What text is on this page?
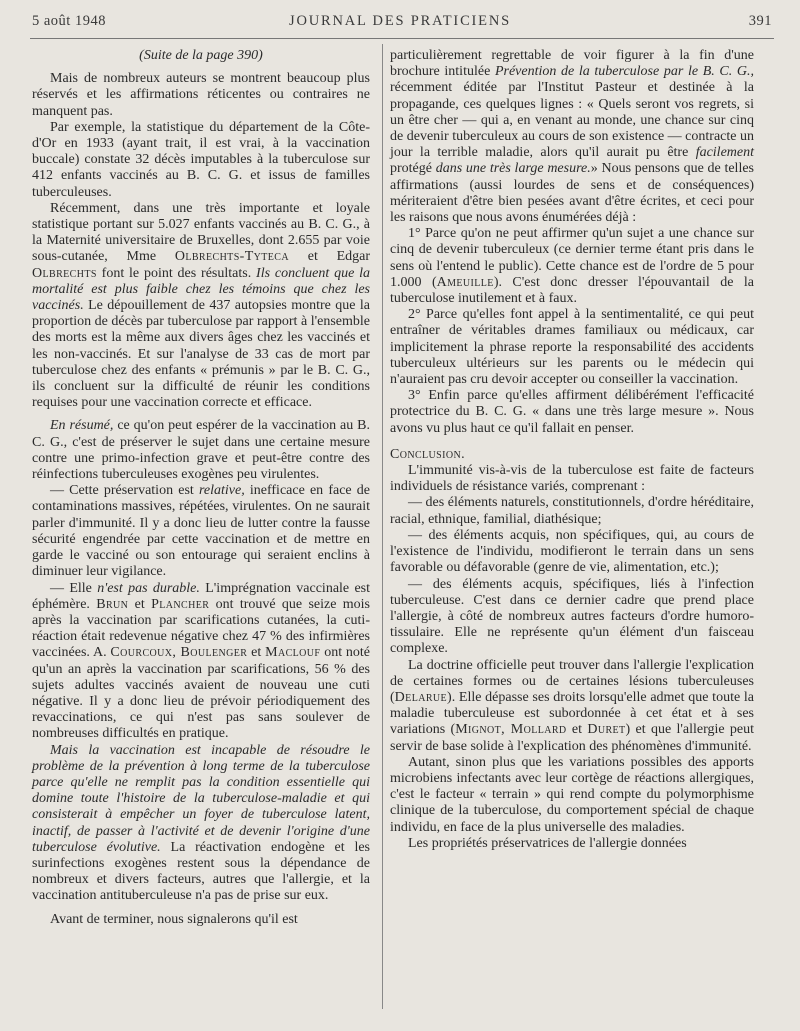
5 août 1948	JOURNAL DES PRATICIENS	391

(Suite de la page 390)

Mais de nombreux auteurs se montrent beaucoup plus réservés et les affirmations réticentes ou contraires ne manquent pas.

Par exemple, la statistique du département de la Côte-d'Or en 1933 (ayant trait, il est vrai, à la vaccination buccale) constate 32 décès imputables à la tuberculose sur 412 enfants vaccinés au B. C. G. et issus de familles tuberculeuses.

Récemment, dans une très importante et loyale statistique portant sur 5.027 enfants vaccinés au B. C. G., à la Maternité universitaire de Bruxelles, dont 2.655 par voie sous-cutanée, Mme Olbrechts-Tyteca et Edgar Olbrechts font le point des résultats. Ils concluent que la mortalité est plus faible chez les témoins que chez les vaccinés. Le dépouillement de 437 autopsies montre que la proportion de décès par tuberculose par rapport à l'ensemble des morts est la même aux divers âges chez les vaccinés et les non-vaccinés. Et sur l'analyse de 33 cas de mort par tuberculose chez des enfants « prémunis » par le B. C. G., ils concluent sur la difficulté de réunir les conditions requises pour une vaccination correcte et efficace.

En résumé, ce qu'on peut espérer de la vaccination au B. C. G., c'est de préserver le sujet dans une certaine mesure contre une primo-infection grave et peut-être contre des réinfections tuberculeuses exogènes peu virulentes.

— Cette préservation est relative, inefficace en face de contaminations massives, répétées, virulentes. On ne saurait parler d'immunité. Il y a donc lieu de lutter contre la fausse sécurité engendrée par cette vaccination et de mettre en garde le vacciné ou son entourage qui seraient enclins à diminuer leur vigilance.

— Elle n'est pas durable. L'imprégnation vaccinale est éphémère. Brun et Plancher ont trouvé que seize mois après la vaccination par scarifications cutanées, la cuti-réaction était redevenue négative chez 47 % des infirmières vaccinées. A. Courcoux, Boulenger et Maclouf ont noté qu'un an après la vaccination par scarifications, 56 % des sujets adultes vaccinés avaient de nouveau une cuti négative. Il y a donc lieu de prévoir périodiquement des revaccinations, ce qui n'est pas sans soulever de nombreuses difficultés en pratique.

Mais la vaccination est incapable de résoudre le problème de la prévention à long terme de la tuberculose parce qu'elle ne remplit pas la condition essentielle qui domine toute l'histoire de la tuberculose-maladie et qui consisterait à empêcher un foyer de tuberculose latent, inactif, de passer à l'activité et de devenir l'origine d'une tuberculose évolutive. La réactivation endogène et les surinfections exogènes restent sous la dépendance de nombreux et divers facteurs, autres que l'allergie, et la vaccination antituberculeuse n'a pas de prise sur eux.

Avant de terminer, nous signalerons qu'il est

particulièrement regrettable de voir figurer à la fin d'une brochure intitulée Prévention de la tuberculose par le B. C. G., récemment éditée par l'Institut Pasteur et destinée à la propagande, ces quelques lignes : « Quels seront vos regrets, si un être cher — qui a, en venant au monde, une chance sur cinq de devenir tuberculeux au cours de son existence — contracte un jour la terrible maladie, alors qu'il aurait pu être facilement protégé dans une très large mesure.» Nous pensons que de telles affirmations (aussi lourdes de sens et de conséquences) mériteraient d'être bien pesées avant d'être écrites, et ceci pour les raisons que nous avons énumérées déjà :

1° Parce qu'on ne peut affirmer qu'un sujet a une chance sur cinq de devenir tuberculeux (ce dernier terme étant pris dans le sens où l'entend le public). Cette chance est de l'ordre de 5 pour 1.000 (Ameuille). C'est donc dresser l'épouvantail de la tuberculose inutilement et à faux.

2° Parce qu'elles font appel à la sentimentalité, ce qui peut entraîner de véritables drames familiaux ou médicaux, car implicitement la phrase reporte la responsabilité des accidents tuberculeux ultérieurs sur les parents ou le médecin qui n'auraient pas cru devoir accepter ou conseiller la vaccination.

3° Enfin parce qu'elles affirment délibérément l'efficacité protectrice du B. C. G. « dans une très large mesure ». Nous avons vu plus haut ce qu'il fallait en penser.

Conclusion.

L'immunité vis-à-vis de la tuberculose est faite de facteurs individuels de résistance variés, comprenant :

— des éléments naturels, constitutionnels, d'ordre héréditaire, racial, ethnique, familial, diathésique;

— des éléments acquis, non spécifiques, qui, au cours de l'existence de l'individu, modifieront le terrain dans un sens favorable ou défavorable (genre de vie, alimentation, etc.);

— des éléments acquis, spécifiques, liés à l'infection tuberculeuse. C'est dans ce dernier cadre que prend place l'allergie, à côté de nombreux autres facteurs d'ordre humoro-tissulaire. Elle ne représente qu'un élément d'un faisceau complexe.

La doctrine officielle peut trouver dans l'allergie l'explication de certaines formes ou de certaines lésions tuberculeuses (Delarue). Elle dépasse ses droits lorsqu'elle admet que toute la maladie tuberculeuse est subordonnée à cet état et à ses variations (Mignot, Mollard et Duret) et que l'allergie peut servir de base solide à l'explication des phénomènes d'immunité.

Autant, sinon plus que les variations possibles des apports microbiens infectants avec leur cortège de réactions allergiques, c'est le facteur « terrain » qui rend compte du polymorphisme clinique de la tuberculose, du comportement spécial de chaque individu, en face de la plus universelle des maladies.

Les propriétés préservatrices de l'allergie données
